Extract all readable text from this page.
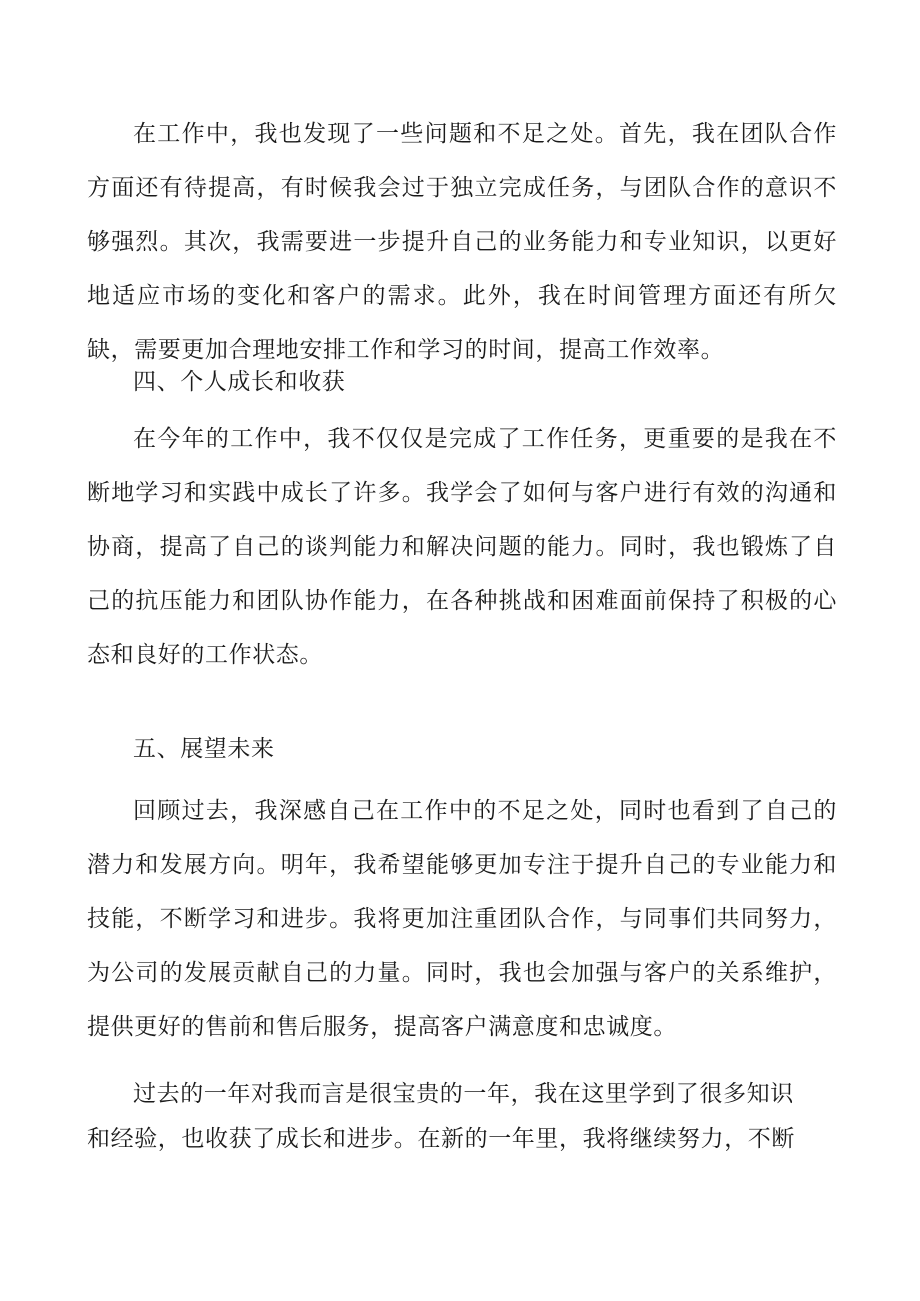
在工作中，我也发现了一些问题和不足之处。首先，我在团队合作方面还有待提高，有时候我会过于独立完成任务，与团队合作的意识不够强烈。其次，我需要进一步提升自己的业务能力和专业知识，以更好地适应市场的变化和客户的需求。此外，我在时间管理方面还有所欠缺，需要更加合理地安排工作和学习的时间，提高工作效率。

四、个人成长和收获

在今年的工作中，我不仅仅是完成了工作任务，更重要的是我在不断地学习和实践中成长了许多。我学会了如何与客户进行有效的沟通和协商，提高了自己的谈判能力和解决问题的能力。同时，我也锻炼了自己的抗压能力和团队协作能力，在各种挑战和困难面前保持了积极的心态和良好的工作状态。

五、展望未来

回顾过去，我深感自己在工作中的不足之处，同时也看到了自己的潜力和发展方向。明年，我希望能够更加专注于提升自己的专业能力和技能，不断学习和进步。我将更加注重团队合作，与同事们共同努力，为公司的发展贡献自己的力量。同时，我也会加强与客户的关系维护，提供更好的售前和售后服务，提高客户满意度和忠诚度。

过去的一年对我而言是很宝贵的一年，我在这里学到了很多知识
和经验，也收获了成长和进步。在新的一年里，我将继续努力，不断
